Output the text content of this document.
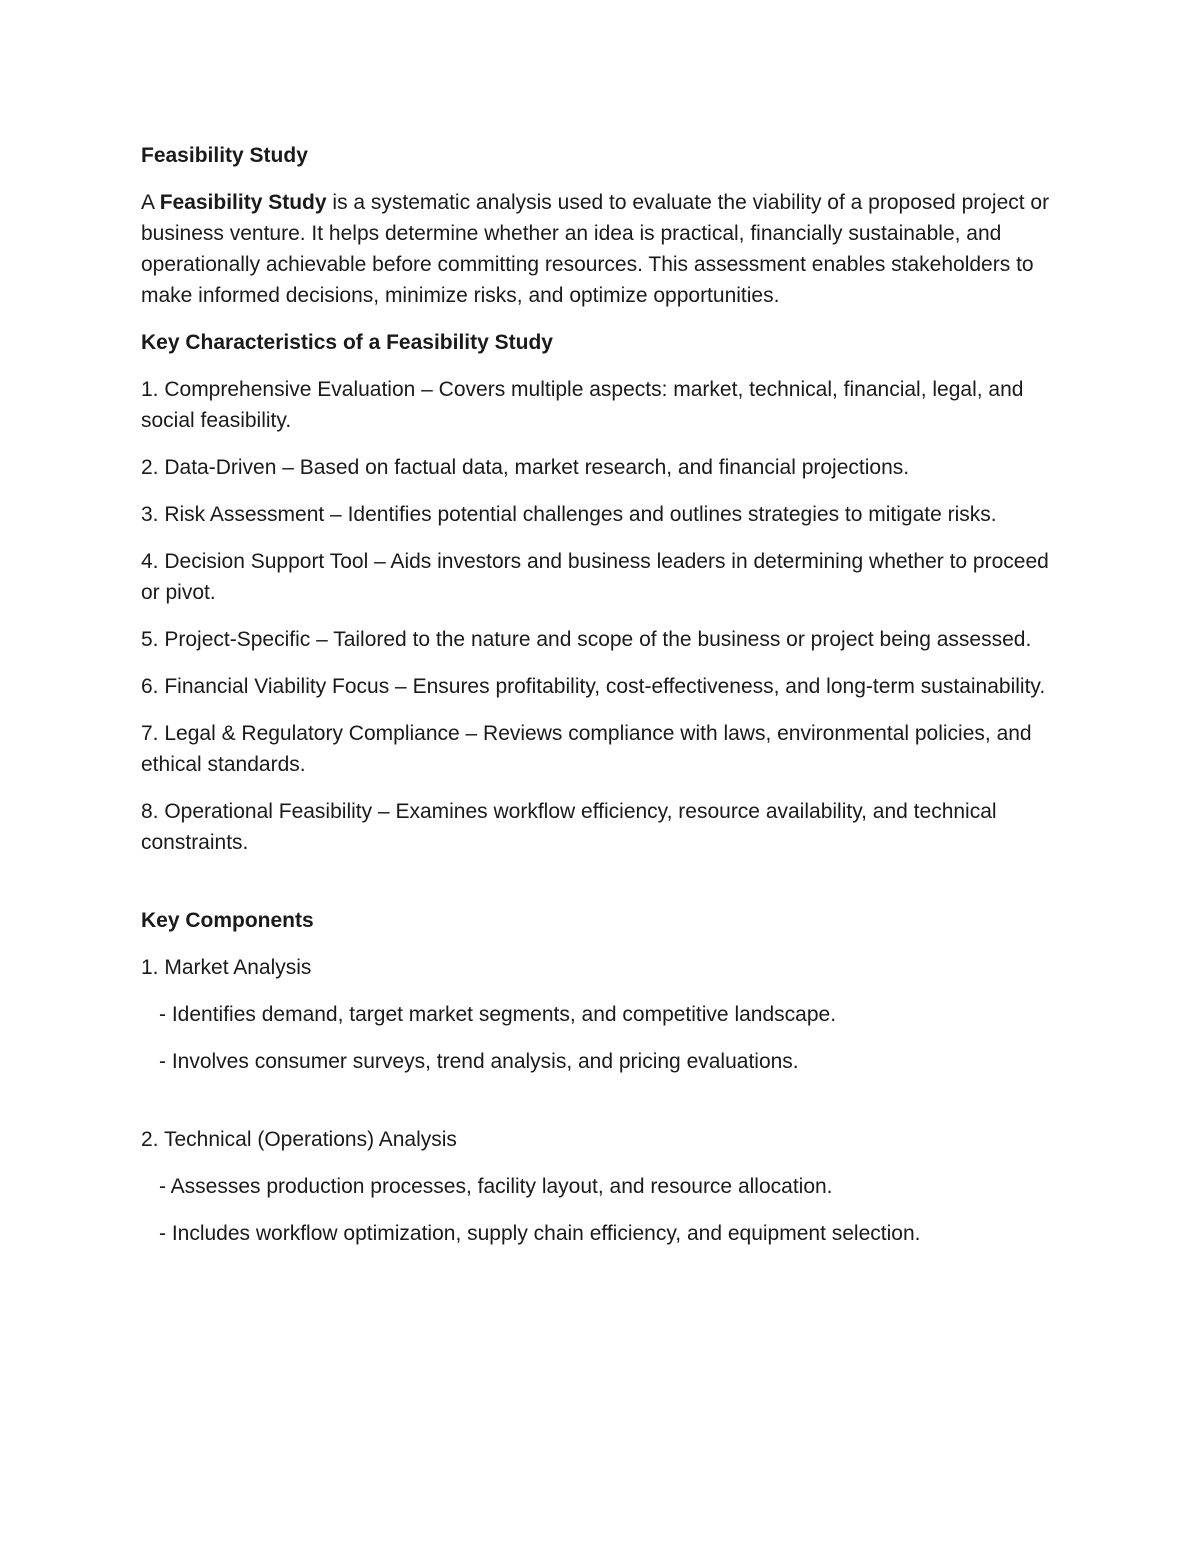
Feasibility Study
A Feasibility Study is a systematic analysis used to evaluate the viability of a proposed project or business venture. It helps determine whether an idea is practical, financially sustainable, and operationally achievable before committing resources. This assessment enables stakeholders to make informed decisions, minimize risks, and optimize opportunities.
Key Characteristics of a Feasibility Study
1. Comprehensive Evaluation – Covers multiple aspects: market, technical, financial, legal, and social feasibility.
2. Data-Driven – Based on factual data, market research, and financial projections.
3. Risk Assessment – Identifies potential challenges and outlines strategies to mitigate risks.
4. Decision Support Tool – Aids investors and business leaders in determining whether to proceed or pivot.
5. Project-Specific – Tailored to the nature and scope of the business or project being assessed.
6. Financial Viability Focus – Ensures profitability, cost-effectiveness, and long-term sustainability.
7. Legal & Regulatory Compliance – Reviews compliance with laws, environmental policies, and ethical standards.
8. Operational Feasibility – Examines workflow efficiency, resource availability, and technical constraints.
Key Components
1. Market Analysis
- Identifies demand, target market segments, and competitive landscape.
- Involves consumer surveys, trend analysis, and pricing evaluations.
2. Technical (Operations) Analysis
- Assesses production processes, facility layout, and resource allocation.
- Includes workflow optimization, supply chain efficiency, and equipment selection.
